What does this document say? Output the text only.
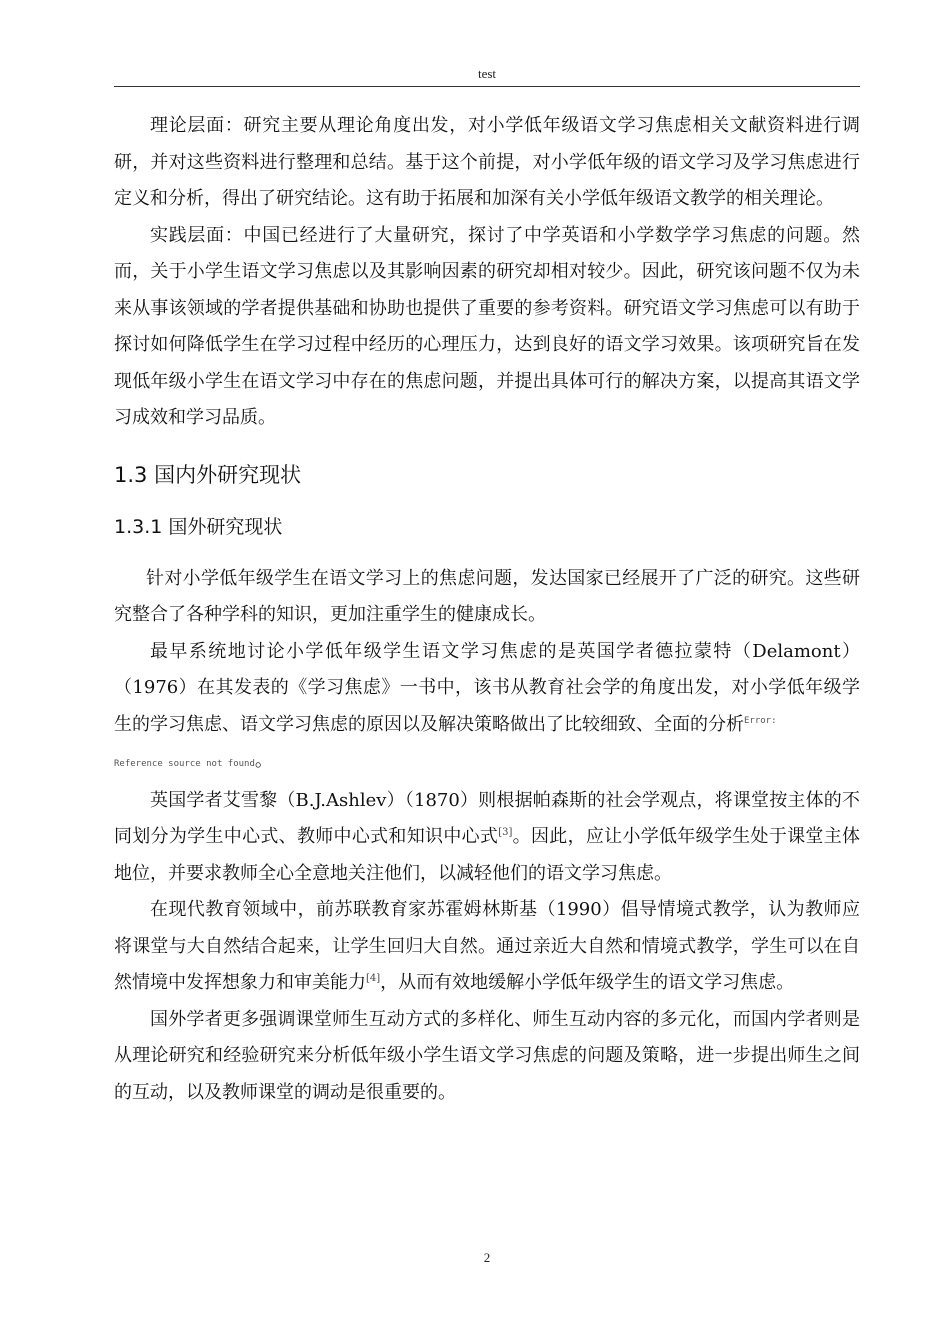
test

理论层面：研究主要从理论角度出发，对小学低年级语文学习焦虑相关文献资料进行调研，并对这些资料进行整理和总结。基于这个前提，对小学低年级的语文学习及学习焦虑进行定义和分析，得出了研究结论。这有助于拓展和加深有关小学低年级语文教学的相关理论。

实践层面：中国已经进行了大量研究，探讨了中学英语和小学数学学习焦虑的问题。然而，关于小学生语文学习焦虑以及其影响因素的研究却相对较少。因此，研究该问题不仅为未来从事该领域的学者提供基础和协助也提供了重要的参考资料。研究语文学习焦虑可以有助于探讨如何降低学生在学习过程中经历的心理压力，达到良好的语文学习效果。该项研究旨在发现低年级小学生在语文学习中存在的焦虑问题，并提出具体可行的解决方案，以提高其语文学习成效和学习品质。

1.3 国内外研究现状
1.3.1 国外研究现状

针对小学低年级学生在语文学习上的焦虑问题，发达国家已经展开了广泛的研究。这些研究整合了各种学科的知识，更加注重学生的健康成长。

最早系统地讨论小学低年级学生语文学习焦虑的是英国学者德拉蒙特（Delamont）（1976）在其发表的《学习焦虑》一书中，该书从教育社会学的角度出发，对小学低年级学生的学习焦虑、语文学习焦虑的原因以及解决策略做出了比较细致、全面的分析$^{Error:}$
Reference source not found。

英国学者艾雪黎（B.J.Ashlev）（1870）则根据帕森斯的社会学观点，将课堂按主体的不同划分为学生中心式、教师中心式和知识中心式[3]。因此，应让小学低年级学生处于课堂主体地位，并要求教师全心全意地关注他们，以减轻他们的语文学习焦虑。

在现代教育领域中，前苏联教育家苏霍姆林斯基（1990）倡导情境式教学，认为教师应将课堂与大自然结合起来，让学生回归大自然。通过亲近大自然和情境式教学，学生可以在自然情境中发挥想象力和审美能力[4]，从而有效地缓解小学低年级学生的语文学习焦虑。

国外学者更多强调课堂师生互动方式的多样化、师生互动内容的多元化，而国内学者则是从理论研究和经验研究来分析低年级小学生语文学习焦虑的问题及策略，进一步提出师生之间的互动，以及教师课堂的调动是很重要的。

2
